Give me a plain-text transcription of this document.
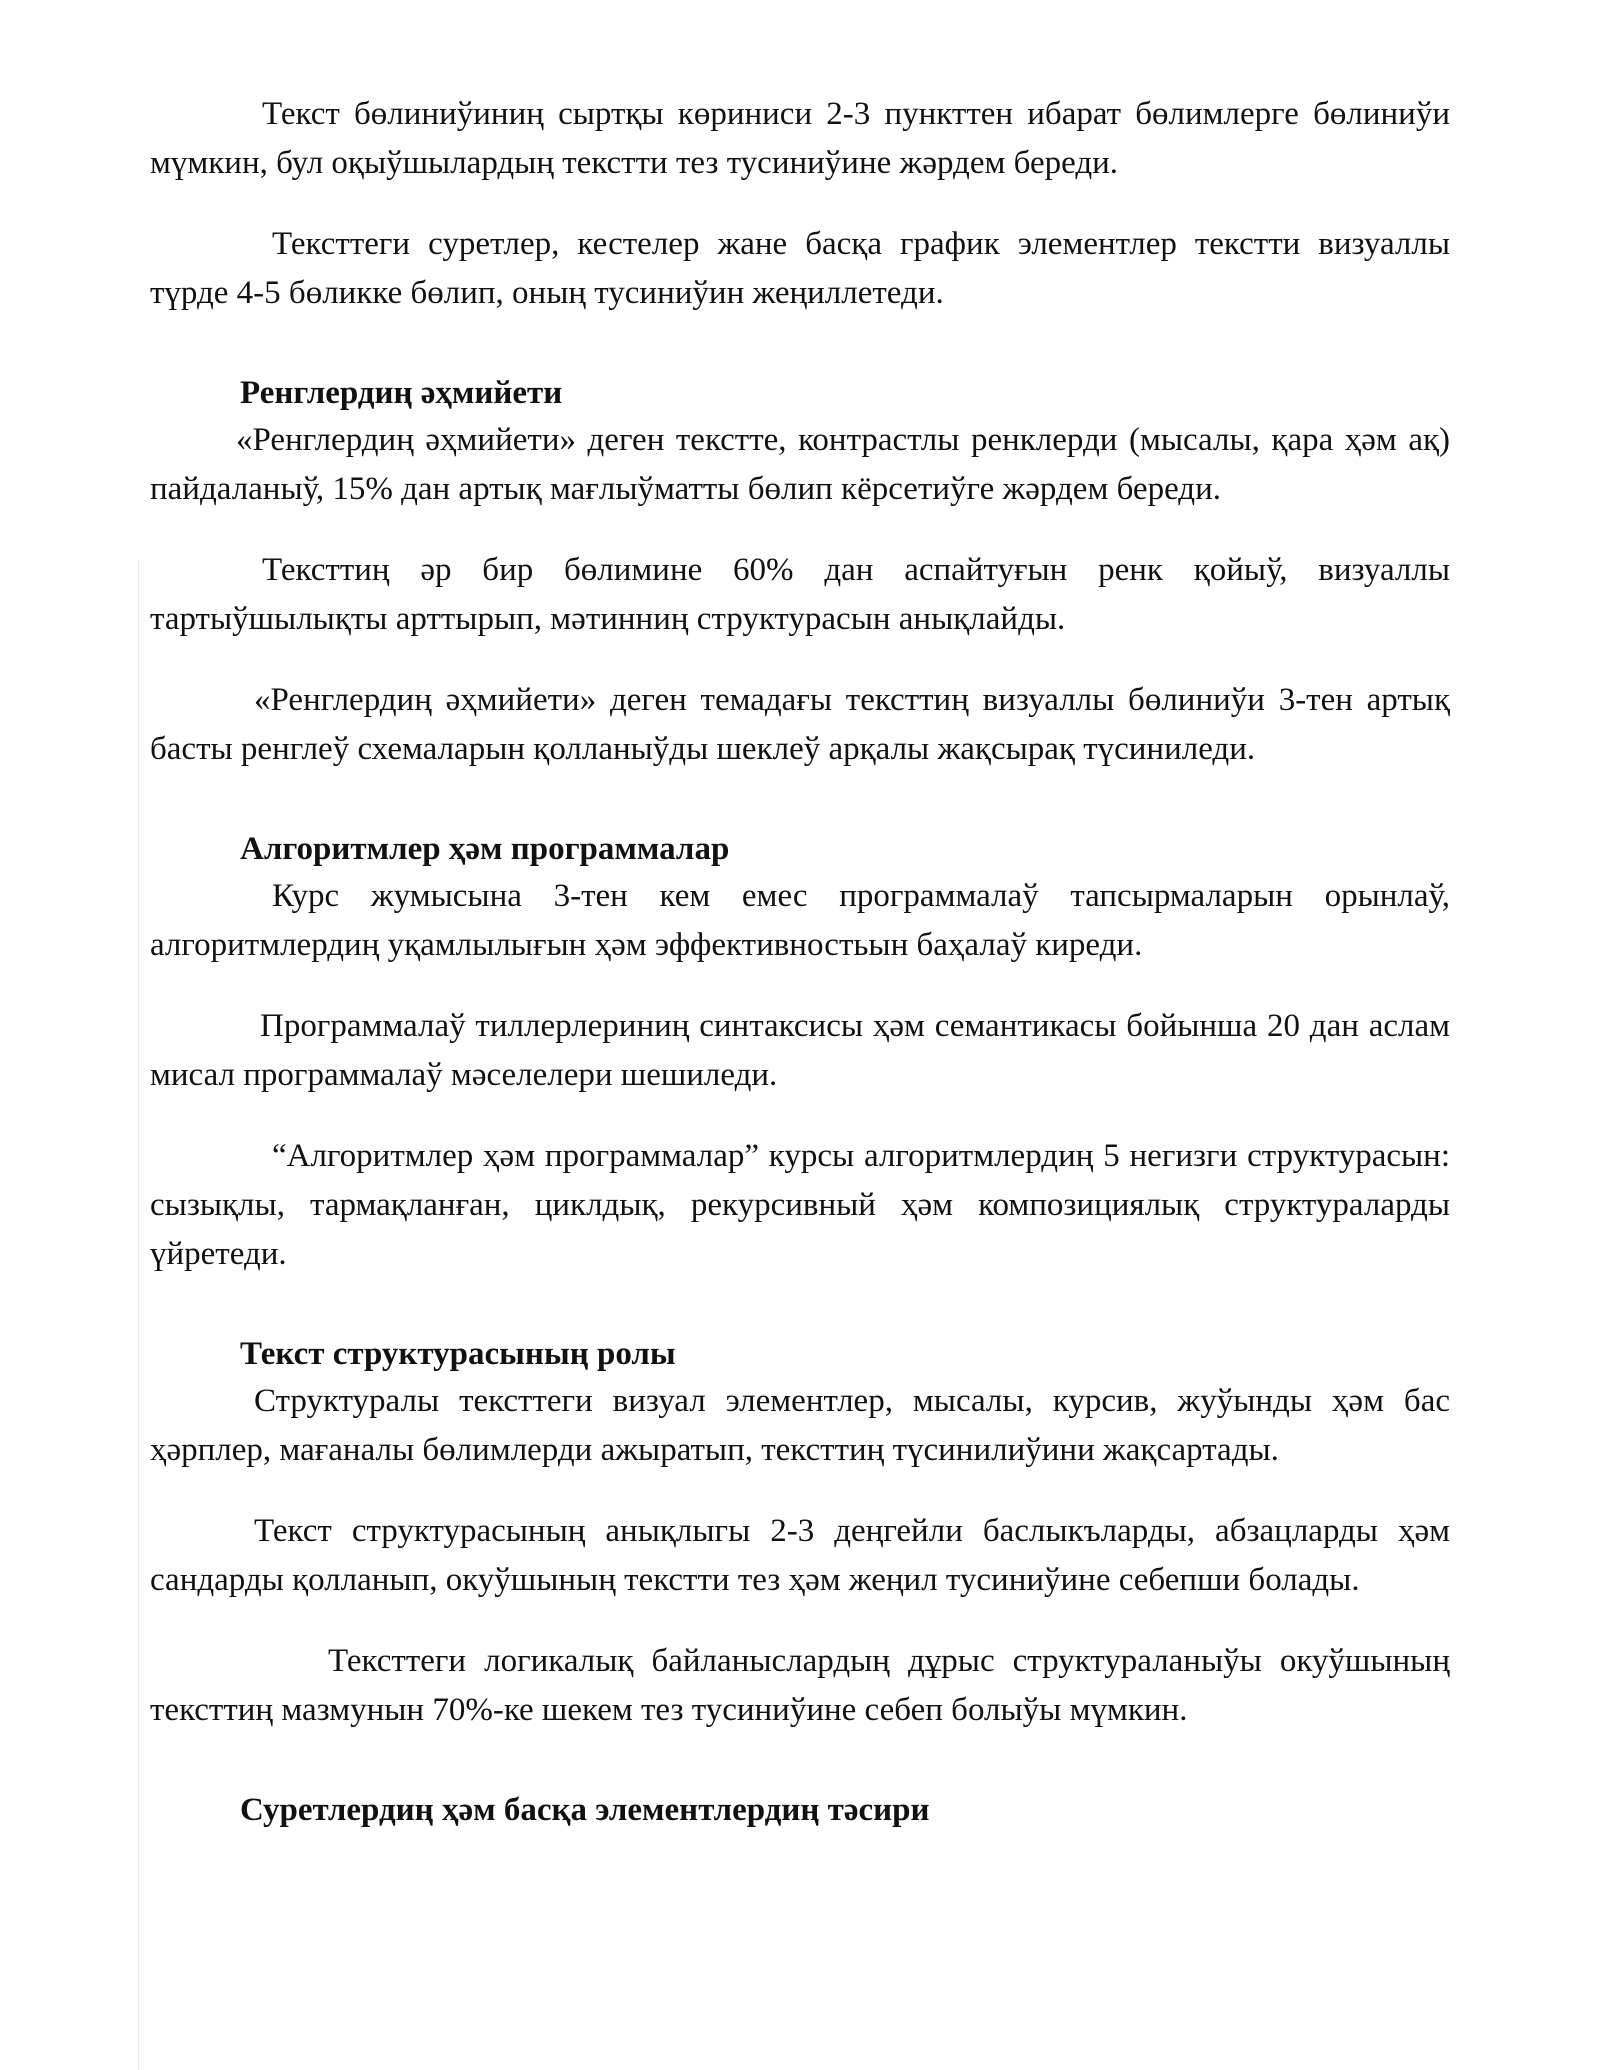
Текст бөлиниўиниң сыртқы көриниси 2-3 пункттен ибарат бөлимлерге бөлиниўи мүмкин, бул оқыўшылардың текстти тез тусиниўине жәрдем береди.

Тексттеги суретлер, кестелер жане басқа график элементлер текстти визуаллы түрде 4-5 бөликке бөлип, оның тусиниўин жеңиллетеди.

Ренглердиң әҳмийети

«Ренглердиң әҳмийети» деген текстте, контрастлы ренклерди (мысалы, қара ҳәм ақ) пайдаланыў, 15% дан артық мағлыўматты бөлип кёрсетиўге жәрдем береди.

Тексттиң әр бир бөлимине 60% дан аспайтуғын ренк қойыў, визуаллы тартыўшылықты арттырып, мәтинниң структурасын анықлайды.

«Ренглердиң әҳмийети» деген темадағы тексттиң визуаллы бөлиниўи 3-тен артық басты ренглеў схемаларын қолланыўды шеклеў арқалы жақсырақ түсиниледи.

Алгоритмлер ҳәм программалар

Курс жумысына 3-тен кем емес программалаў тапсырмаларын орынлаў, алгоритмлердиң уқамлылығын ҳәм эффективностьын баҳалаў киреди.

Программалаў тиллерлериниң синтаксисы ҳәм семантикасы бойынша 20 дан аслам мисал программалаў мәселелери шешиледи.

“Алгоритмлер ҳәм программалар” курсы алгоритмлердиң 5 негизги структурасын: сызықлы, тармақланған, циклдық, рекурсивный ҳәм композициялық структураларды үйретеди.

Текст структурасының ролы

Структуралы тексттеги визуал элементлер, мысалы, курсив, жуўынды ҳәм бас ҳәрплер, мағаналы бөлимлерди ажыратып, тексттиң түсинилиўини жақсартады.

Текст структурасының анықлыгы 2-3 деңгейли баслыкъларды, абзацларды ҳәм сандарды қолланып, окуўшының текстти тез ҳәм жеңил тусиниўине себепши болады.

Тексттеги логикалық байланыслардың дұрыс структураланыўы окуўшының тексттиң мазмунын 70%-ке шекем тез тусиниўине себеп болыўы мүмкин.

Суретлердиң ҳәм басқа элементлердиң тәсири
